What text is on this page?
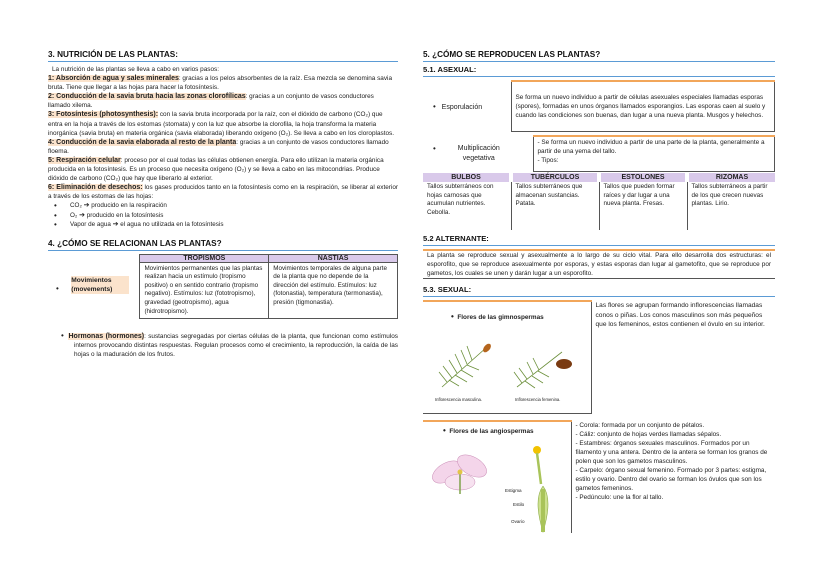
3. NUTRICIÓN DE LAS PLANTAS:

La nutrición de las plantas se lleva a cabo en varios pasos:

1: Absorción de agua y sales minerales: gracias a los pelos absorbentes de la raíz. Esa mezcla se denomina savia bruta. Tiene que llegar a las hojas para hacer la fotosíntesis.

2: Conducción de la savia bruta hacia las zonas clorofílicas: gracias a un conjunto de vasos conductores llamado xilema.

3: Fotosíntesis (photosynthesis): con la savia bruta incorporada por la raíz, con el dióxido de carbono (CO₂) que entra en la hoja a través de los estomas (stomata) y con la luz que absorbe la clorofila, la hoja transforma la materia inorgánica (savia bruta) en materia orgánica (savia elaborada) liberando oxígeno (O₂). Se lleva a cabo en los cloroplastos.

4: Conducción de la savia elaborada al resto de la planta: gracias a un conjunto de vasos conductores llamado floema.

5: Respiración celular: proceso por el cual todas las células obtienen energía. Para ello utilizan la materia orgánica producida en la fotosíntesis. Es un proceso que necesita oxígeno (O₂) y se lleva a cabo en las mitocondrias. Produce dióxido de carbono (CO₂) que hay que liberarlo al exterior.

6: Eliminación de desechos: los gases producidos tanto en la fotosíntesis como en la respiración, se liberar al exterior a través de los estomas de las hojas:

• CO₂ ➔ producido en la respiración
• O₂ ➔ producido en la fotosíntesis
• Vapor de agua ➔ el agua no utilizada en la fotosíntesis
4. ¿CÓMO SE RELACIONAN LAS PLANTAS?
• Movimientos (movements)	TROPISMOS	NASTIAS
	Movimientos permanentes que las plantas realizan hacia un estímulo (tropismo positivo) o en sentido contrario (tropismo negativo). Estímulos: luz (fototropismo), gravedad (geotropismo), agua (hidrotropismo).	Movimientos temporales de alguna parte de la planta que no depende de la dirección del estímulo. Estímulos: luz (fotonastia), temperatura (termonastia), presión (tigmonastia).

• Hormonas (hormones): sustancias segregadas por ciertas células de la planta, que funcionan como estímulos internos provocando distintas respuestas. Regulan procesos como el crecimiento, la reproducción, la caída de las hojas o la maduración de los frutos.

5. ¿CÓMO SE REPRODUCEN LAS PLANTAS?
5.1. ASEXUAL:
• Esporulación	Se forma un nuevo individuo a partir de células asexuales especiales llamadas esporas (spores), formadas en unos órganos llamados esporangios. Las esporas caen al suelo y cuando las condiciones son buenas, dan lugar a una nueva planta. Musgos y helechos.
•	Multiplicación vegetativa	
- Se forma un nuevo individuo a partir de una parte de la planta, generalmente a partir de una yema del tallo.
- Tipos:
BULBOS	TUBÉRCULOS	ESTOLONES	RIZOMAS
Tallos subterráneos con hojas carnosas que acumulan nutrientes. Cebolla.	Tallos subterráneos que almacenan sustancias. Patata.	Tallos que pueden formar raíces y dar lugar a una nueva planta. Fresas.	Tallos subterráneos a partir de los que crecen nuevas plantas. Lirio.
5.2 ALTERNANTE:

La planta se reproduce sexual y asexualmente a lo largo de su ciclo vital. Para ello desarrolla dos estructuras: el esporofito, que se reproduce asexualmente por esporas, y estas esporas dan lugar al gametofito, que se reproduce por gametos, los cuales se unen y darán lugar a un esporofito.

5.3. SEXUAL:
• Flores de las gimnospermas
Inflorescencia masculina.	Inflorescencia femenina.
	Las flores se agrupan formando inflorescencias llamadas conos o piñas. Los conos masculinos son más pequeños que los femeninos, estos contienen el óvulo en su interior.
• Flores de las angiospermas
Estigma
Estilo
Ovario

- Corola: formada por un conjunto de pétalos.
- Cáliz: conjunto de hojas verdes llamadas sépalos.
- Estambres: órganos sexuales masculinos. Formados por un filamento y una antera. Dentro de la antera se forman los granos de polen que son los gametos masculinos.
- Carpelo: órgano sexual femenino. Formado por 3 partes: estigma, estilo y ovario. Dentro del ovario se forman los óvulos que son los gametos femeninos.
- Pedúnculo: une la flor al tallo.
